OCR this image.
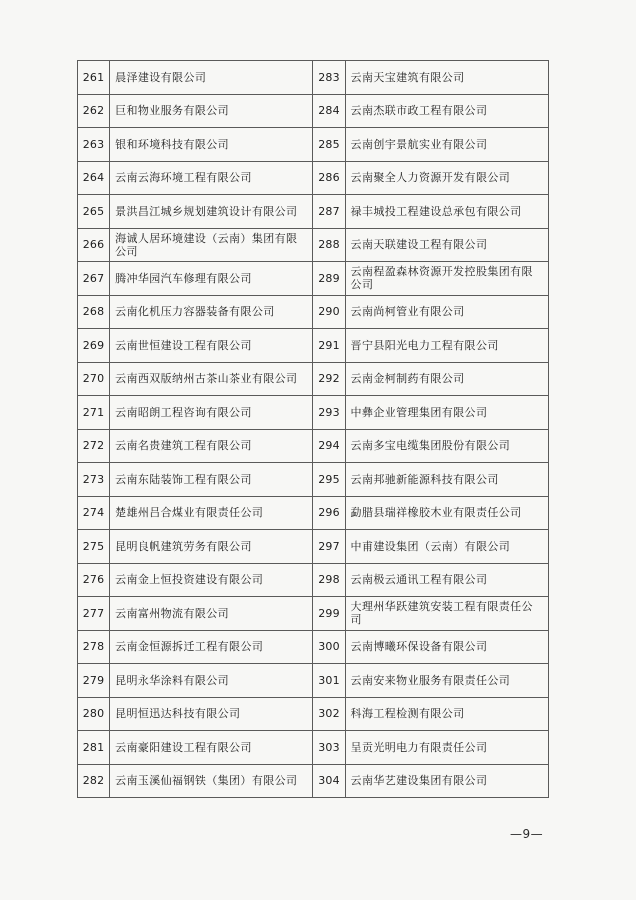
261	晨泽建设有限公司	283	云南天宝建筑有限公司
262	巨和物业服务有限公司	284	云南杰联市政工程有限公司
263	银和环境科技有限公司	285	云南创宇景航实业有限公司
264	云南云海环境工程有限公司	286	云南聚全人力资源开发有限公司
265	景洪昌江城乡规划建筑设计有限公司	287	禄丰城投工程建设总承包有限公司
266	海诚人居环境建设（云南）集团有限公司	288	云南天联建设工程有限公司
267	腾冲华园汽车修理有限公司	289	云南程盈森林资源开发控股集团有限公司
268	云南化机压力容器装备有限公司	290	云南尚柯管业有限公司
269	云南世恒建设工程有限公司	291	晋宁县阳光电力工程有限公司
270	云南西双版纳州古茶山茶业有限公司	292	云南金柯制药有限公司
271	云南昭朗工程咨询有限公司	293	中彝企业管理集团有限公司
272	云南名贵建筑工程有限公司	294	云南多宝电缆集团股份有限公司
273	云南东陆装饰工程有限公司	295	云南邦驰新能源科技有限公司
274	楚雄州吕合煤业有限责任公司	296	勐腊县瑞祥橡胶木业有限责任公司
275	昆明良帆建筑劳务有限公司	297	中甫建设集团（云南）有限公司
276	云南金上恒投资建设有限公司	298	云南极云通讯工程有限公司
277	云南富州物流有限公司	299	大理州华跃建筑安装工程有限责任公司
278	云南金恒源拆迁工程有限公司	300	云南博曦环保设备有限公司
279	昆明永华涂料有限公司	301	云南安来物业服务有限责任公司
280	昆明恒迅达科技有限公司	302	科海工程检测有限公司
281	云南豪阳建设工程有限公司	303	呈贡光明电力有限责任公司
282	云南玉溪仙福钢铁（集团）有限公司	304	云南华艺建设集团有限公司
—9—
